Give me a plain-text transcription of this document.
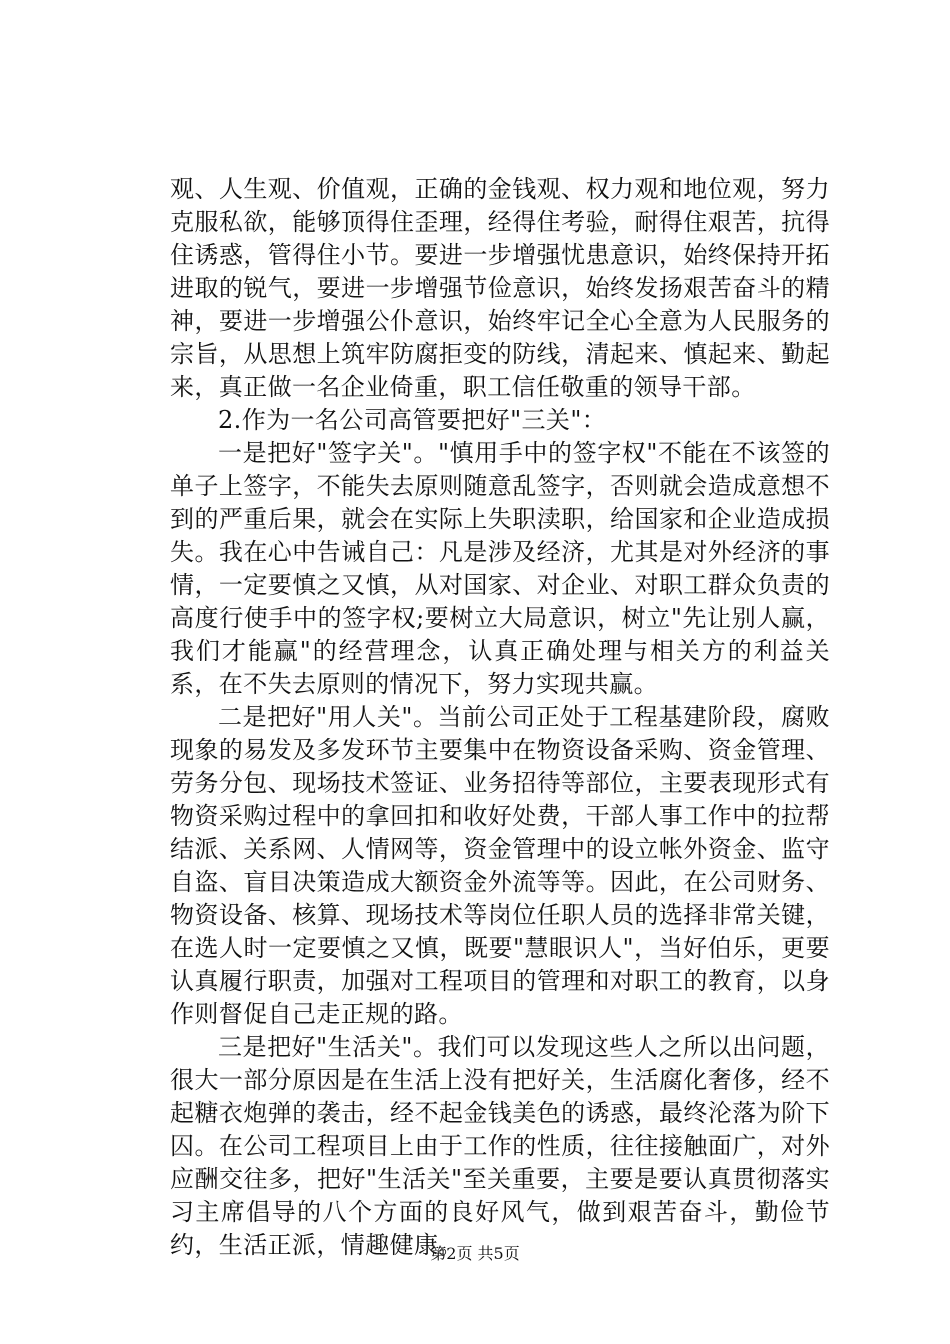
观、人生观、价值观，正确的金钱观、权力观和地位观，努力克服私欲，能够顶得住歪理，经得住考验，耐得住艰苦，抗得住诱惑，管得住小节。要进一步增强忧患意识，始终保持开拓进取的锐气，要进一步增强节俭意识，始终发扬艰苦奋斗的精神，要进一步增强公仆意识，始终牢记全心全意为人民服务的宗旨，从思想上筑牢防腐拒变的防线，清起来、慎起来、勤起来，真正做一名企业倚重，职工信任敬重的领导干部。

2.作为一名公司高管要把好"三关"：

一是把好"签字关"。"慎用手中的签字权"不能在不该签的单子上签字，不能失去原则随意乱签字，否则就会造成意想不到的严重后果，就会在实际上失职渎职，给国家和企业造成损失。我在心中告诫自己：凡是涉及经济，尤其是对外经济的事情，一定要慎之又慎，从对国家、对企业、对职工群众负责的高度行使手中的签字权;要树立大局意识，树立"先让别人赢，我们才能赢"的经营理念，认真正确处理与相关方的利益关系，在不失去原则的情况下，努力实现共赢。

二是把好"用人关"。当前公司正处于工程基建阶段，腐败现象的易发及多发环节主要集中在物资设备采购、资金管理、劳务分包、现场技术签证、业务招待等部位，主要表现形式有物资采购过程中的拿回扣和收好处费，干部人事工作中的拉帮结派、关系网、人情网等，资金管理中的设立帐外资金、监守自盗、盲目决策造成大额资金外流等等。因此，在公司财务、物资设备、核算、现场技术等岗位任职人员的选择非常关键，在选人时一定要慎之又慎，既要"慧眼识人"，当好伯乐，更要认真履行职责，加强对工程项目的管理和对职工的教育，以身作则督促自己走正规的路。

三是把好"生活关"。我们可以发现这些人之所以出问题，很大一部分原因是在生活上没有把好关，生活腐化奢侈，经不起糖衣炮弹的袭击，经不起金钱美色的诱惑，最终沦落为阶下囚。在公司工程项目上由于工作的性质，往往接触面广，对外应酬交往多，把好"生活关"至关重要，主要是要认真贯彻落实习主席倡导的八个方面的良好风气，做到艰苦奋斗，勤俭节约，生活正派，情趣健康。

第2页 共5页
